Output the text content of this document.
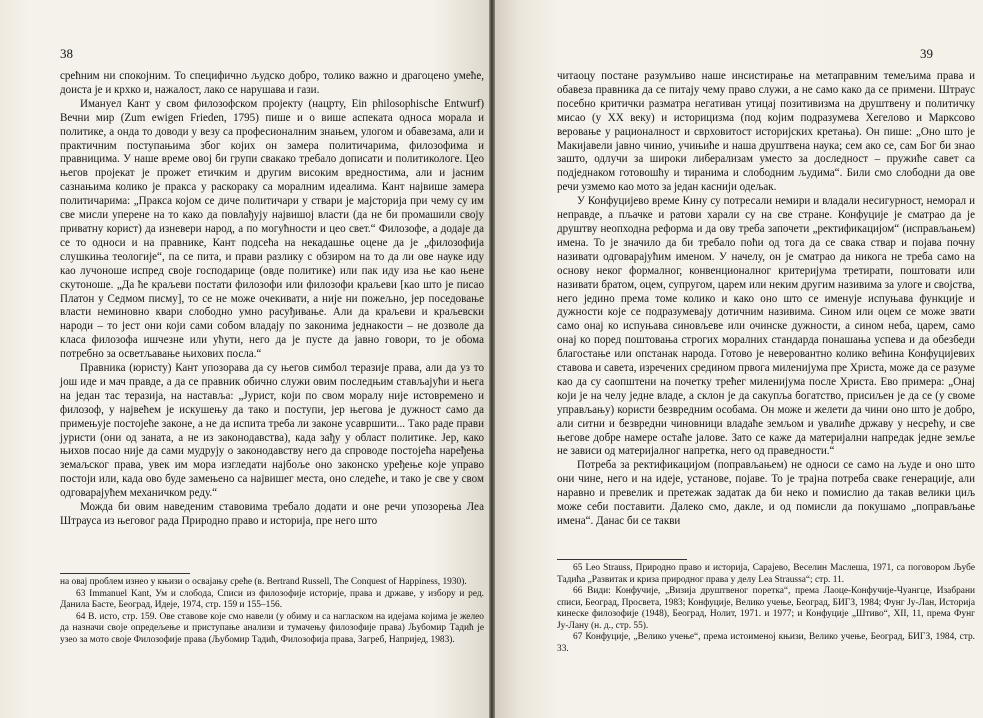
38

срећним ни спокојним. То специфично људско добро, толико важно и драгоцено умеће, доиста је и крхко и, нажалост, лако се нарушава и гази.

Имануел Кант у свом филозофском пројекту (нацрту, Ein philosophische Entwurf) Вечни мир (Zum ewigen Frieden, 1795) пише и о више аспеката односа морала и политике, а онда то доводи у везу са професионалним знањем, улогом и обавезама, али и практичним поступањима због којих он замера политичарима, филозофима и правницима. У наше време овој би групи свакако требало дописати и политикологе. Цео његов пројекат је прожет етичким и другим високим вредностима, али и јасним сазнањима колико је пракса у раскораку са моралним идеалима. Кант највише замера политичарима: „Пракса којом се диче политичари у ствари је мајсторија при чему су им све мисли уперене на то како да повлађују највишој власти (да не би промашили своју приватну корист) да изневери народ, а по могућности и цео свет.“ Филозофе, а додаје да се то односи и на правнике, Кант подсећа на некадашње оцене да је „филозофија слушкиња теологије“, па се пита, и прави разлику с обзиром на то да ли ове науке иду као лучоноше испред своје господарице (овде политике) или пак иду иза ње као њене скутоноше. „Да ће краљеви постати филозофи или филозофи краљеви [као што је писао Платон у Седмом писму], то се не може очекивати, а није ни пожељно, јер поседовање власти неминовно квари слободно умно расуђивање. Али да краљеви и краљевски народи – то јест они који сами собом владају по законима једнакости – не дозволе да класа филозофа ишчезне или ућути, него да је пусте да јавно говори, то је обома потребно за осветљавање њихових посла.“

Правника (юристу) Кант упозорава да су његов симбол теразије права, али да уз то још иде и мач правде, а да се правник обично служи овим последњим стављајући и њега на један тас теразија, на наставља: „Јурист, који по свом моралу није истовремено и филозоф, у највећем је искушењу да тако и поступи, јер његова је дужност само да примењује постојеће законе, а не да испита треба ли законе усавршити... Тако раде прави јуристи (они од заната, а не из законодавства), када зађу у област политике. Јер, како њихов посао није да сами мудрују о законодавству него да спроводе постојећа наређења земаљског права, увек им мора изгледати најбоље оно законско уређење које управо постоји или, када ово буде замењено са највишег места, оно следеће, и тако је све у свом одговарајућем механичком реду.“

Можда би овим наведеним ставовима требало додати и оне речи упозорења Леа Штрауса из његовог рада Природно право и историја, пре него што

на овај проблем изнео у књизи о освајању среће (в. Bertrand Russell, The Conquest of Happiness, 1930).

63 Immanuel Kant, Ум и слобода, Списи из филозофије историје, права и државе, у избору и ред. Данила Басте, Београд, Идеје, 1974, стр. 159 и 155–156.

64 В. исто, стр. 159. Ове ставове које смо навели (у обиму и са нагласком на идејама којима је желео да назначи своје опредељење и приступање анализи и тумачењу филозофије права) Љубомир Тадић је узео за мото своје Филозофије права (Љубомир Тадић, Филозофија права, Загреб, Напријед, 1983).

39

читаоцу постане разумљиво наше инсистирање на метаправним темељима права и обавеза правника да се питају чему право служи, а не само како да се примени. Штраус посебно критички разматра негативан утицај позитивизма на друштвену и политичку мисао (у XX веку) и историцизма (под којим подразумева Хегелово и Марксово веровање у рационалност и сврховитост историјских кретања). Он пише: „Оно што је Макијавели јавно чинио, учињиће и наша друштвена наука; сем ако се, сам Бог би знао зашто, одлучи за широки либерализам уместо за доследност – пружиће савет са подједнаком готовошћу и тиранима и слободним људима“. Били смо слободни да ове речи узмемо као мото за један каснији одељак.

У Конфуцијево време Кину су потресали немири и владали несигурност, неморал и неправде, а пљачке и ратови харали су на све стране. Конфуције је сматрао да је друштву неопходна реформа и да ову треба започети „ректификацијом“ (исправљањем) имена. То је значило да би требало поћи од тога да се свака ствар и појава почну називати одговарајућим именом. У начелу, он је сматрао да никога не треба само на основу неког формалног, конвенционалног критеријума третирати, поштовати или називати братом, оцем, супругом, царем или неким другим називима за улоге и својства, него једино према томе колико и како оно што се именује испуњава функције и дужности које се подразумевају дотичним називима. Сином или оцем се може звати само онај ко испуњава синовљеве или очинске дужности, а сином неба, царем, само онај ко поред поштовања строгих моралних стандарда понашања успева и да обезбеди благостање или опстанак народа. Готово је неверовантно колико већина Конфуцијевих ставова и савета, изречених средином првога миленијума пре Христа, може да се разуме као да су саопштени на почетку трећег миленијума после Христа. Ево примера: „Онај који је на челу једне владе, а склон је да сакупља богатство, присиљен је да се (у своме управљању) користи безвредним особама. Он може и желети да чини оно што је добро, али ситни и безвредни чиновници владаће земљом и увалиће државу у несрећу, и све његове добре намере остаће јалове. Зато се каже да материјални напредак једне земље не зависи од материјалног напретка, него од праведности.“

Потреба за ректификацијом (поправљањем) не односи се само на људе и оно што они чине, него и на идеје, установе, појаве. То је трајна потреба свакe генерације, али наравно и превелик и претежак задатак да би неко и помислио да такав велики циљ може себи поставити. Далеко смо, дакле, и од помисли да покушамо „поправљање имена“. Данас би се такви

65 Leo Strauss, Природно право и историја, Сарајево, Веселин Маслеша, 1971, са поговором Љубе Тадића „Развитак и криза природног права у делу Lea Straussa“; стр. 11.

66 Види: Конфучије, „Визија друштвеног поретка“, према Лаоце-Конфучије-Чуангце, Изабрани списи, Београд, Просвета, 1983; Конфуције, Велико учење, Београд, БИГЗ, 1984; Фунг Ју-Лан, Историја кинеске филозофије (1948), Београд, Нолит, 1971. и 1977; и Конфуције „Штиво“, XII, 11, према Фунг Ју-Лану (н. д., стр. 55).

67 Конфуције, „Велико учење“, према истоименој књизи, Велико учење, Београд, БИГЗ, 1984, стр. 33.
